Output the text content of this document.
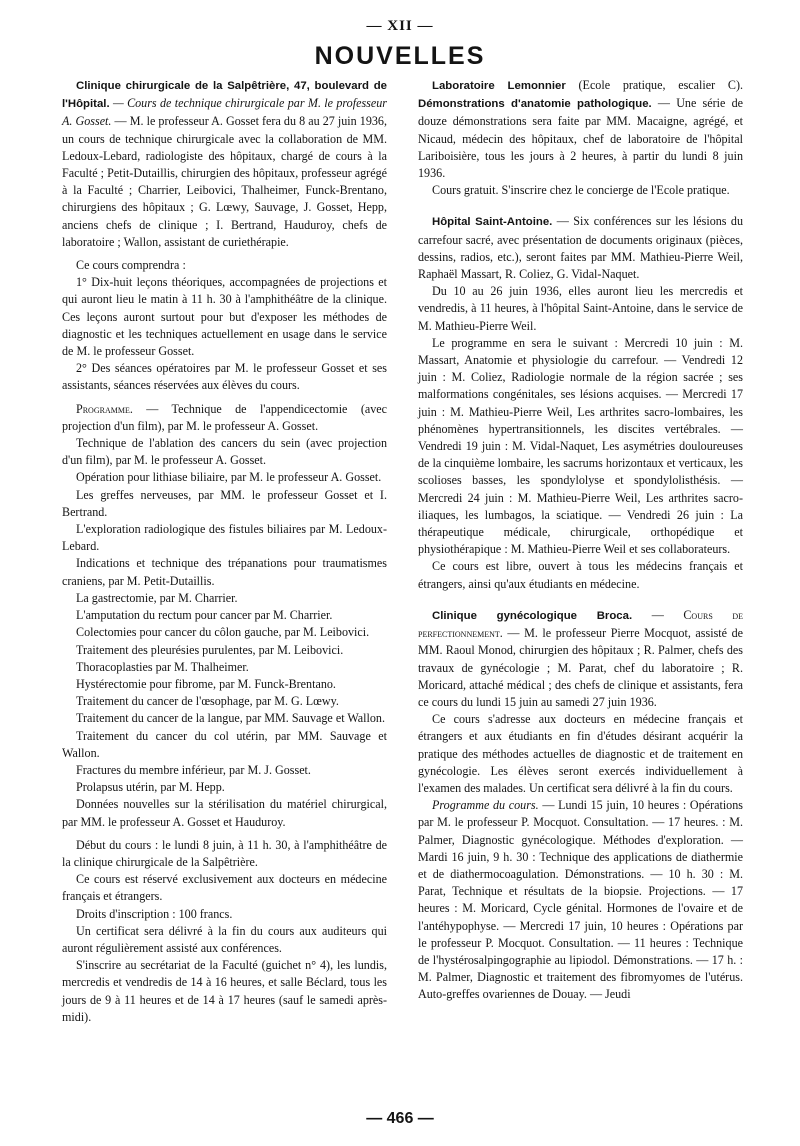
— XII —
NOUVELLES

Clinique chirurgicale de la Salpêtrière, 47, boulevard de l'Hôpital. — Cours de technique chirurgicale par M. le professeur A. Gosset. — M. le professeur A. Gosset fera du 8 au 27 juin 1936, un cours de technique chirurgicale avec la collaboration de MM. Ledoux-Lebard, radiologiste des hôpitaux, chargé de cours à la Faculté ; Petit-Dutaillis, chirurgien des hôpitaux, professeur agrégé à la Faculté ; Charrier, Leibovici, Thalheimer, Funck-Brentano, chirurgiens des hôpitaux ; G. Lœwy, Sauvage, J. Gosset, Hepp, anciens chefs de clinique ; I. Bertrand, Hauduroy, chefs de laboratoire ; Wallon, assistant de curiethérapie.

Ce cours comprendra :

1° Dix-huit leçons théoriques, accompagnées de projections et qui auront lieu le matin à 11 h. 30 à l'amphithéâtre de la clinique. Ces leçons auront surtout pour but d'exposer les méthodes de diagnostic et les techniques actuellement en usage dans le service de M. le professeur Gosset.

2° Des séances opératoires par M. le professeur Gosset et ses assistants, séances réservées aux élèves du cours.

Programme. — Technique de l'appendicectomie (avec projection d'un film), par M. le professeur A. Gosset.

Technique de l'ablation des cancers du sein (avec projection d'un film), par M. le professeur A. Gosset.

Opération pour lithiase biliaire, par M. le professeur A. Gosset.

Les greffes nerveuses, par MM. le professeur Gosset et I. Bertrand.

L'exploration radiologique des fistules biliaires par M. Ledoux-Lebard.

Indications et technique des trépanations pour traumatismes craniens, par M. Petit-Dutaillis.

La gastrectomie, par M. Charrier.

L'amputation du rectum pour cancer par M. Charrier.

Colectomies pour cancer du côlon gauche, par M. Leibovici.

Traitement des pleurésies purulentes, par M. Leibovici.

Thoracoplasties par M. Thalheimer.

Hystérectomie pour fibrome, par M. Funck-Brentano.

Traitement du cancer de l'œsophage, par M. G. Lœwy.

Traitement du cancer de la langue, par MM. Sauvage et Wallon.

Traitement du cancer du col utérin, par MM. Sauvage et Wallon.

Fractures du membre inférieur, par M. J. Gosset.

Prolapsus utérin, par M. Hepp.

Données nouvelles sur la stérilisation du matériel chirurgical, par MM. le professeur A. Gosset et Hauduroy.

Début du cours : le lundi 8 juin, à 11 h. 30, à l'amphithéâtre de la clinique chirurgicale de la Salpêtrière.

Ce cours est réservé exclusivement aux docteurs en médecine français et étrangers.

Droits d'inscription : 100 francs.

Un certificat sera délivré à la fin du cours aux auditeurs qui auront régulièrement assisté aux conférences.

S'inscrire au secrétariat de la Faculté (guichet n° 4), les lundis, mercredis et vendredis de 14 à 16 heures, et salle Béclard, tous les jours de 9 à 11 heures et de 14 à 17 heures (sauf le samedi après-midi).

Laboratoire Lemonnier (Ecole pratique, escalier C). Démonstrations d'anatomie pathologique. — Une série de douze démonstrations sera faite par MM. Macaigne, agrégé, et Nicaud, médecin des hôpitaux, chef de laboratoire de l'hôpital Lariboisière, tous les jours à 2 heures, à partir du lundi 8 juin 1936.

Cours gratuit. S'inscrire chez le concierge de l'Ecole pratique.

Hôpital Saint-Antoine. — Six conférences sur les lésions du carrefour sacré, avec présentation de documents originaux (pièces, dessins, radios, etc.), seront faites par MM. Mathieu-Pierre Weil, Raphaël Massart, R. Coliez, G. Vidal-Naquet.

Du 10 au 26 juin 1936, elles auront lieu les mercredis et vendredis, à 11 heures, à l'hôpital Saint-Antoine, dans le service de M. Mathieu-Pierre Weil.

Le programme en sera le suivant : Mercredi 10 juin : M. Massart, Anatomie et physiologie du carrefour. — Vendredi 12 juin : M. Coliez, Radiologie normale de la région sacrée ; ses malformations congénitales, ses lésions acquises. — Mercredi 17 juin : M. Mathieu-Pierre Weil, Les arthrites sacro-lombaires, les phénomènes hypertransitionnels, les discites vertébrales. — Vendredi 19 juin : M. Vidal-Naquet, Les asymétries douloureuses de la cinquième lombaire, les sacrums horizontaux et verticaux, les scolioses basses, les spondylolyse et spondylolisthésis. — Mercredi 24 juin : M. Mathieu-Pierre Weil, Les arthrites sacro-iliaques, les lumbagos, la sciatique. — Vendredi 26 juin : La thérapeutique médicale, chirurgicale, orthopédique et physiothérapique : M. Mathieu-Pierre Weil et ses collaborateurs.

Ce cours est libre, ouvert à tous les médecins français et étrangers, ainsi qu'aux étudiants en médecine.

Clinique gynécologique Broca. — Cours de perfectionnement. — M. le professeur Pierre Mocquot, assisté de MM. Raoul Monod, chirurgien des hôpitaux ; R. Palmer, chefs des travaux de gynécologie ; M. Parat, chef du laboratoire ; R. Moricard, attaché médical ; des chefs de clinique et assistants, fera ce cours du lundi 15 juin au samedi 27 juin 1936.

Ce cours s'adresse aux docteurs en médecine français et étrangers et aux étudiants en fin d'études désirant acquérir la pratique des méthodes actuelles de diagnostic et de traitement en gynécologie. Les élèves seront exercés individuellement à l'examen des malades. Un certificat sera délivré à la fin du cours.

Programme du cours. — Lundi 15 juin, 10 heures : Opérations par M. le professeur P. Mocquot. Consultation. — 17 heures. : M. Palmer, Diagnostic gynécologique. Méthodes d'exploration. — Mardi 16 juin, 9 h. 30 : Technique des applications de diathermie et de diathermocoagulation. Démonstrations. — 10 h. 30 : M. Parat, Technique et résultats de la biopsie. Projections. — 17 heures : M. Moricard, Cycle génital. Hormones de l'ovaire et de l'antéhypophyse. — Mercredi 17 juin, 10 heures : Opérations par le professeur P. Mocquot. Consultation. — 11 heures : Technique de l'hystérosalpingographie au lipiodol. Démonstrations. — 17 h. : M. Palmer, Diagnostic et traitement des fibromyomes de l'utérus. Auto-greffes ovariennes de Douay. — Jeudi

— 466 —
